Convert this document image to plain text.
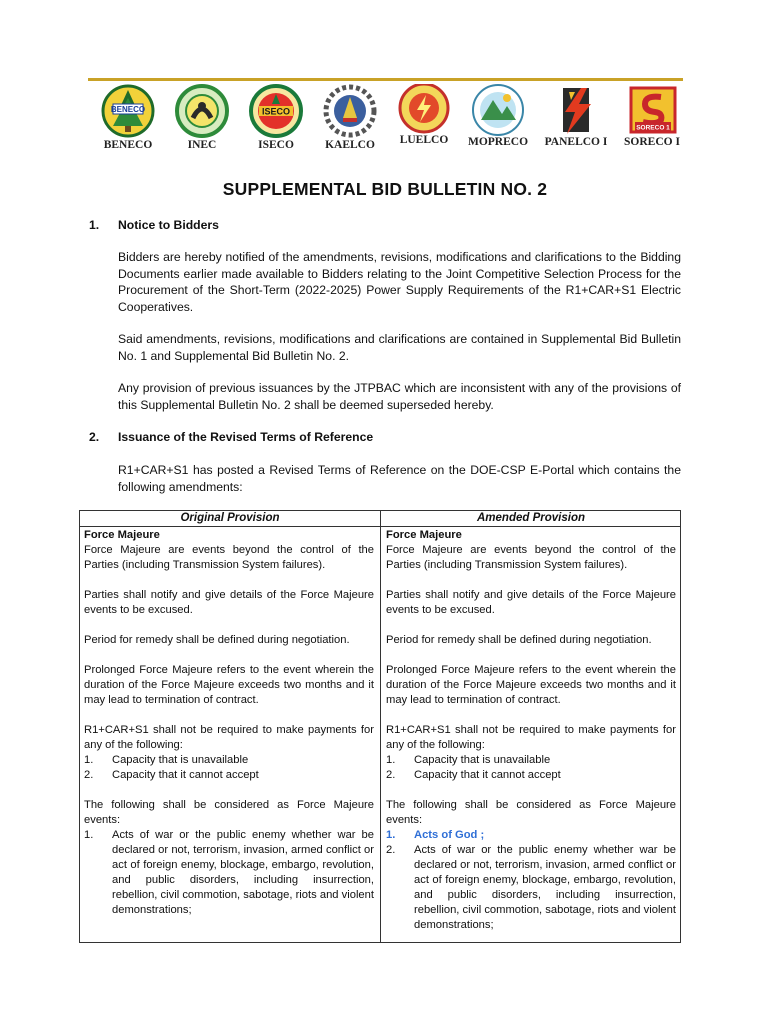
BENECO
BENECO	INEC
ISECO
ISECO	KAELCO	LUELCO	MOPRECO	PANELCO I
SORECO 1
SORECO I
SUPPLEMENTAL BID BULLETIN NO. 2
1. Notice to Bidders

Bidders are hereby notified of the amendments, revisions, modifications and clarifications to the Bidding Documents earlier made available to Bidders relating to the Joint Competitive Selection Process for the Procurement of the Short-Term (2022-2025) Power Supply Requirements of the R1+CAR+S1 Electric Cooperatives.

Said amendments, revisions, modifications and clarifications are contained in Supplemental Bid Bulletin No. 1 and Supplemental Bid Bulletin No. 2.

Any provision of previous issuances by the JTPBAC which are inconsistent with any of the provisions of this Supplemental Bulletin No. 2 shall be deemed superseded hereby.

2. Issuance of the Revised Terms of Reference

R1+CAR+S1 has posted a Revised Terms of Reference on the DOE-CSP E-Portal which contains the following amendments:

Original Provision	Amended Provision

Force Majeure

Force Majeure are events beyond the control of the Parties (including Transmission System failures).

Parties shall notify and give details of the Force Majeure events to be excused.

Period for remedy shall be defined during negotiation.

Prolonged Force Majeure refers to the event wherein the duration of the Force Majeure exceeds two months and it may lead to termination of contract.

R1+CAR+S1 shall not be required to make payments for any of the following:

1. Capacity that is unavailable
2. Capacity that it cannot accept

The following shall be considered as Force Majeure events:

1. Acts of war or the public enemy whether war be declared or not, terrorism, invasion, armed conflict or act of foreign enemy, blockage, embargo, revolution, and public disorders, including insurrection, rebellion, civil commotion, sabotage, riots and violent demonstrations;

Force Majeure

Force Majeure are events beyond the control of the Parties (including Transmission System failures).

Parties shall notify and give details of the Force Majeure events to be excused.

Period for remedy shall be defined during negotiation.

Prolonged Force Majeure refers to the event wherein the duration of the Force Majeure exceeds two months and it may lead to termination of contract.

R1+CAR+S1 shall not be required to make payments for any of the following:

1. Capacity that is unavailable
2. Capacity that it cannot accept

The following shall be considered as Force Majeure events:

1. Acts of God ;
2. Acts of war or the public enemy whether war be declared or not, terrorism, invasion, armed conflict or act of foreign enemy, blockage, embargo, revolution, and public disorders, including insurrection, rebellion, civil commotion, sabotage, riots and violent demonstrations;
